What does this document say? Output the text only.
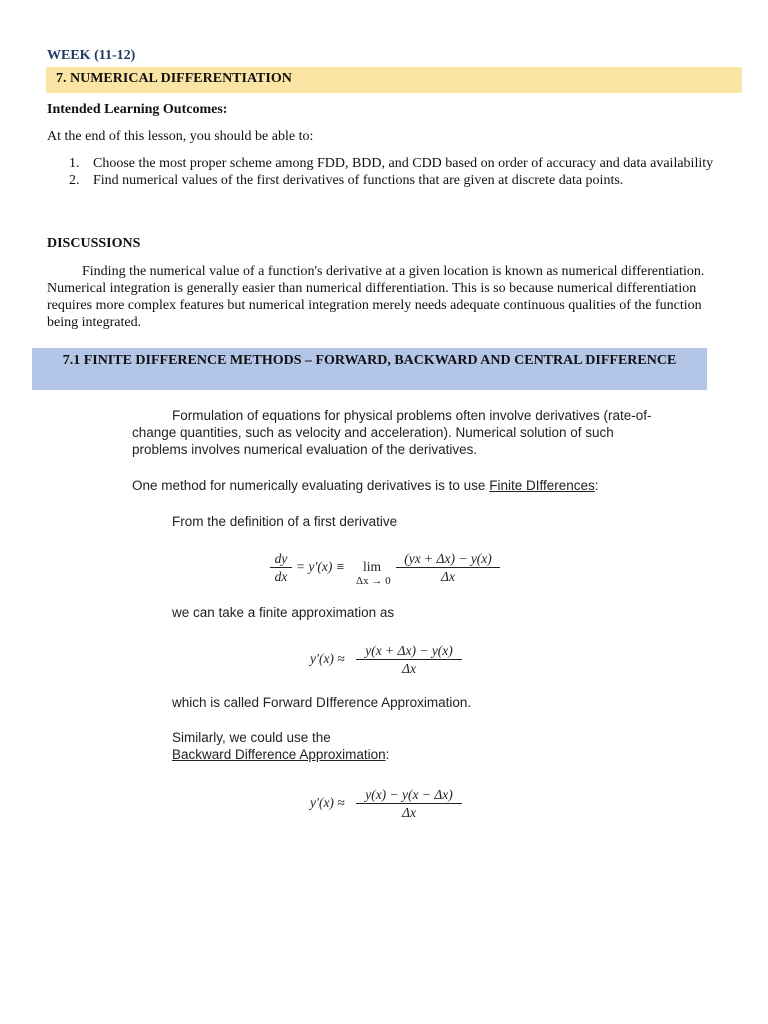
WEEK (11-12)
7. NUMERICAL DIFFERENTIATION
Intended Learning Outcomes:
At the end of this lesson, you should be able to:
1. Choose the most proper scheme among FDD, BDD, and CDD based on order of accuracy and data availability
2. Find numerical values of the first derivatives of functions that are given at discrete data points.
DISCUSSIONS
Finding the numerical value of a function's derivative at a given location is known as numerical differentiation. Numerical integration is generally easier than numerical differentiation. This is so because numerical differentiation requires more complex features but numerical integration merely needs adequate continuous qualities of the function being integrated.
7.1 FINITE DIFFERENCE METHODS – FORWARD, BACKWARD AND CENTRAL DIFFERENCE
Formulation of equations for physical problems often involve derivatives (rate-of-change quantities, such as velocity and acceleration). Numerical solution of such problems involves numerical evaluation of the derivatives.
One method for numerically evaluating derivatives is to use Finite DIfferences:
From the definition of a first derivative
$\frac{dy}{dx} = y'(x) \equiv \lim$
$\Delta x \to 0 \frac{(yx + \Delta x) - y(x)}{\Delta x}$
we can take a finite approximation as
$y'(x) \approx \frac{y(x + \Delta x) - y(x)}{\Delta x}$
which is called Forward DIfference Approximation.
Similarly, we could use the
Backward Difference Approximation:
$y'(x) \approx \frac{y(x) - y(x - \Delta x)}{\Delta x}$
